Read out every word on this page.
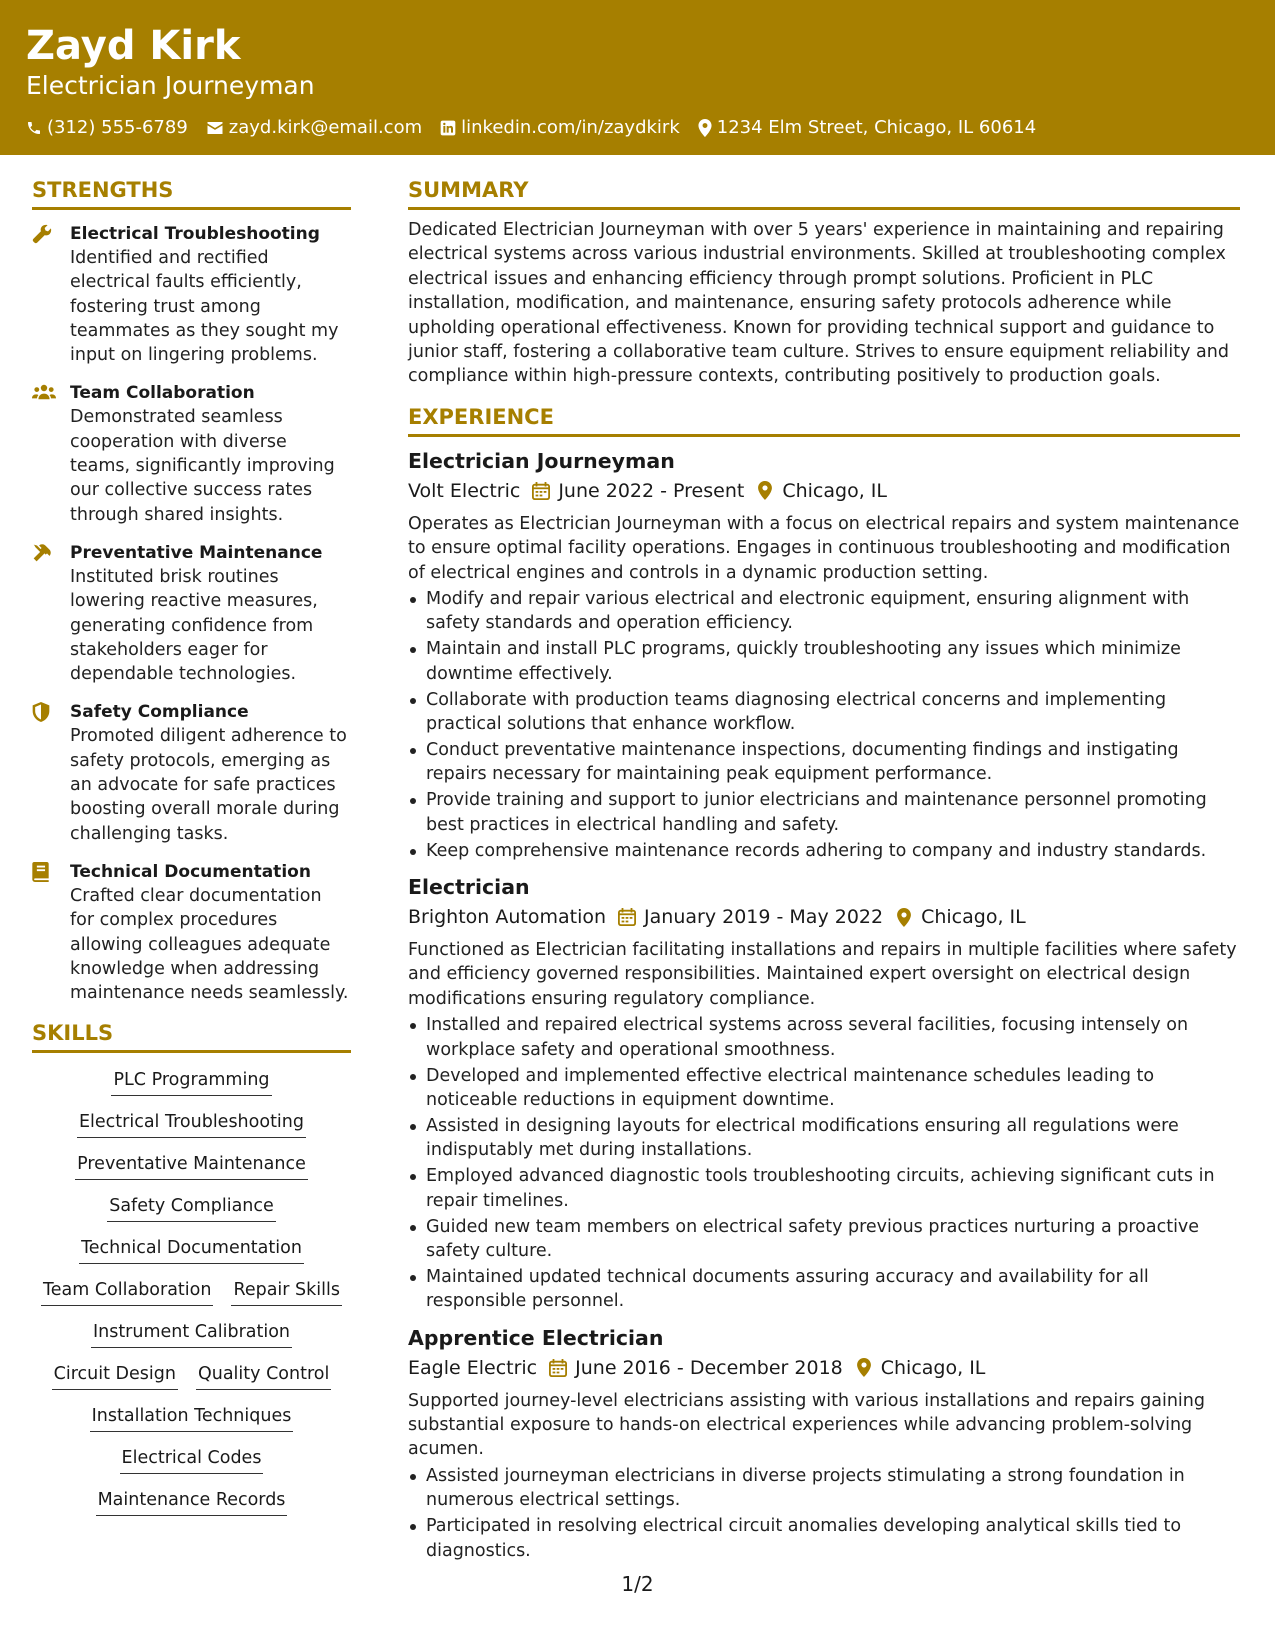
Zayd Kirk
Electrician Journeyman
(312) 555-6789 zayd.kirk@email.com linkedin.com/in/zaydkirk 1234 Elm Street, Chicago, IL 60614
STRENGTHS
Electrical Troubleshooting
Identified and rectified electrical faults efficiently, fostering trust among teammates as they sought my input on lingering problems.
Team Collaboration
Demonstrated seamless cooperation with diverse teams, significantly improving our collective success rates through shared insights.
Preventative Maintenance
Instituted brisk routines lowering reactive measures, generating confidence from stakeholders eager for dependable technologies.
Safety Compliance
Promoted diligent adherence to safety protocols, emerging as an advocate for safe practices boosting overall morale during challenging tasks.
Technical Documentation
Crafted clear documentation for complex procedures allowing colleagues adequate knowledge when addressing maintenance needs seamlessly.
SKILLS
PLC Programming
Electrical Troubleshooting
Preventative Maintenance
Safety Compliance
Technical Documentation
Team Collaboration Repair Skills
Instrument Calibration
Circuit Design Quality Control
Installation Techniques
Electrical Codes
Maintenance Records
SUMMARY
Dedicated Electrician Journeyman with over 5 years' experience in maintaining and repairing electrical systems across various industrial environments. Skilled at troubleshooting complex electrical issues and enhancing efficiency through prompt solutions. Proficient in PLC installation, modification, and maintenance, ensuring safety protocols adherence while upholding operational effectiveness. Known for providing technical support and guidance to junior staff, fostering a collaborative team culture. Strives to ensure equipment reliability and compliance within high-pressure contexts, contributing positively to production goals.
EXPERIENCE
Electrician Journeyman
Volt Electric June 2022 - Present Chicago, IL
Operates as Electrician Journeyman with a focus on electrical repairs and system maintenance to ensure optimal facility operations. Engages in continuous troubleshooting and modification of electrical engines and controls in a dynamic production setting.
Modify and repair various electrical and electronic equipment, ensuring alignment with safety standards and operation efficiency.
Maintain and install PLC programs, quickly troubleshooting any issues which minimize downtime effectively.
Collaborate with production teams diagnosing electrical concerns and implementing practical solutions that enhance workflow.
Conduct preventative maintenance inspections, documenting findings and instigating repairs necessary for maintaining peak equipment performance.
Provide training and support to junior electricians and maintenance personnel promoting best practices in electrical handling and safety.
Keep comprehensive maintenance records adhering to company and industry standards.
Electrician
Brighton Automation January 2019 - May 2022 Chicago, IL
Functioned as Electrician facilitating installations and repairs in multiple facilities where safety and efficiency governed responsibilities. Maintained expert oversight on electrical design modifications ensuring regulatory compliance.
Installed and repaired electrical systems across several facilities, focusing intensely on workplace safety and operational smoothness.
Developed and implemented effective electrical maintenance schedules leading to noticeable reductions in equipment downtime.
Assisted in designing layouts for electrical modifications ensuring all regulations were indisputably met during installations.
Employed advanced diagnostic tools troubleshooting circuits, achieving significant cuts in repair timelines.
Guided new team members on electrical safety previous practices nurturing a proactive safety culture.
Maintained updated technical documents assuring accuracy and availability for all responsible personnel.
Apprentice Electrician
Eagle Electric June 2016 - December 2018 Chicago, IL
Supported journey-level electricians assisting with various installations and repairs gaining substantial exposure to hands-on electrical experiences while advancing problem-solving acumen.
Assisted journeyman electricians in diverse projects stimulating a strong foundation in numerous electrical settings.
Participated in resolving electrical circuit anomalies developing analytical skills tied to diagnostics.
1/2
